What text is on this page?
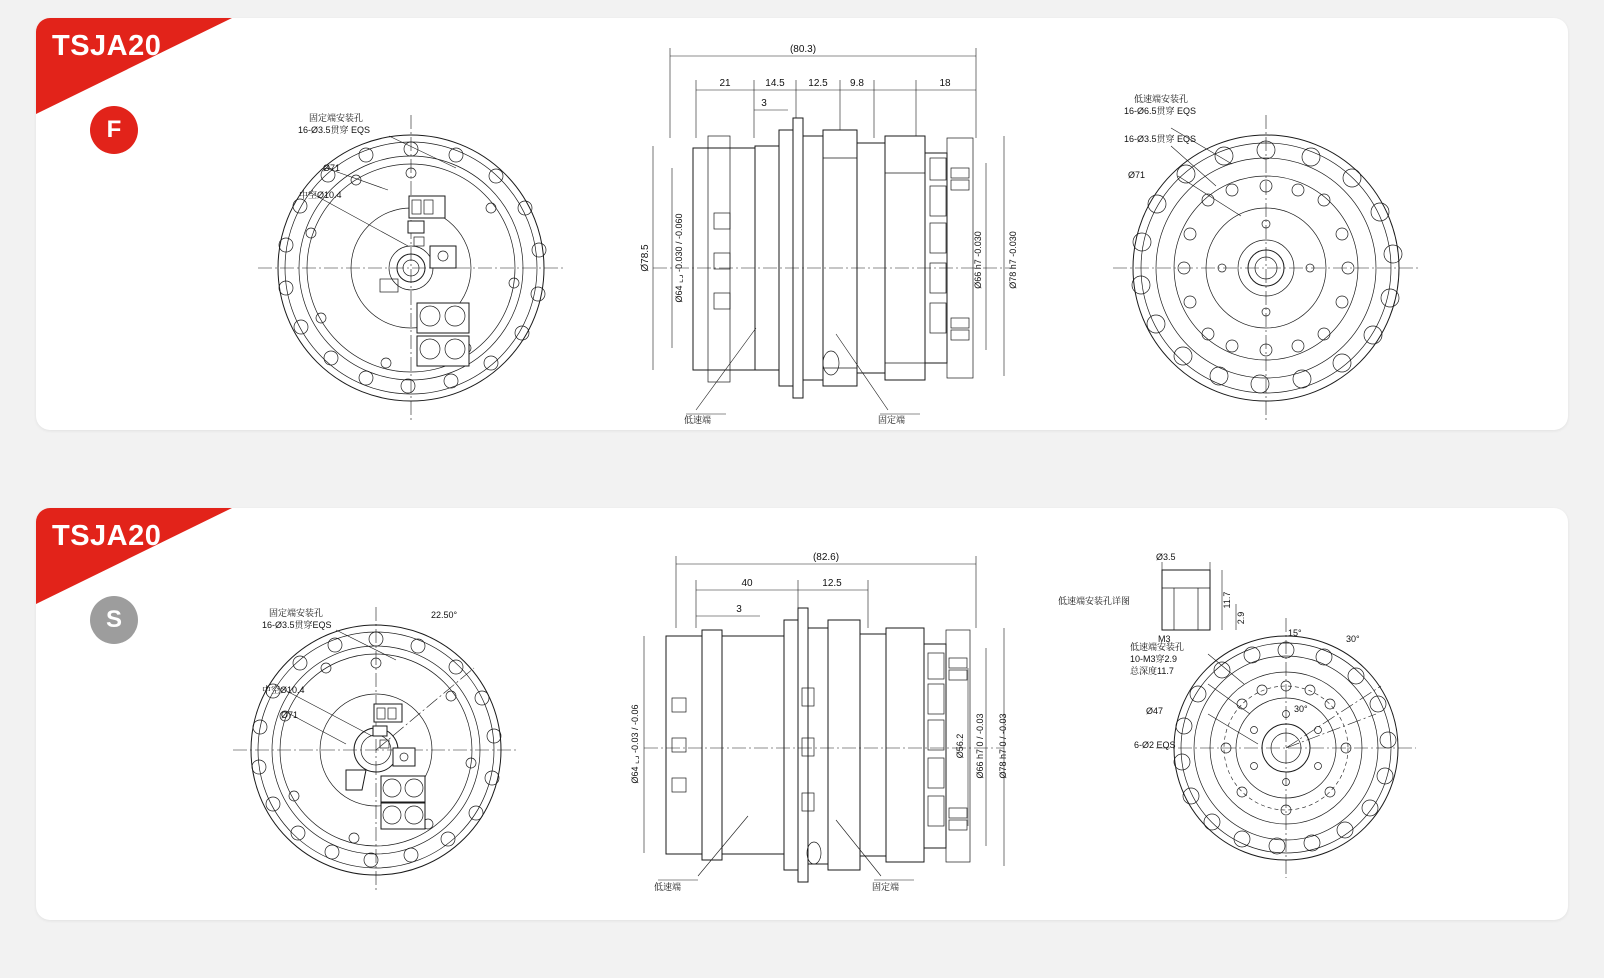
固定端安装孔
16-Ø3.5贯穿 EQS
Ø71
中空Ø10.4
(80.3)
21	14.5 12.5 9.8	18
3
Ø78.5	Ø64 ⌞⌟ -0.030 / -0.060	Ø66 h7 -0.030	Ø78 h7 -0.030
低速端	固定端
低速端安装孔
16-Ø6.5贯穿 EQS
16-Ø3.5贯穿 EQS
Ø71
TSJA20
F
固定端安装孔
16-Ø3.5贯穿EQS
22.50°
中空Ø10.4
Ø71
(82.6)
40	12.5
3
Ø64 ⌞⌟ -0.03 / -0.06	Ø56.2 Ø66 h7 0 / -0.03 Ø78 h7 0 / -0.03
低速端	固定端
Ø3.5
11.7
2.9
M3
低速端安装孔详图
15°
30°
30°
低速端安装孔
10-M3穿2.9
总深度11.7
Ø47
6-Ø2 EQS
TSJA20
S
